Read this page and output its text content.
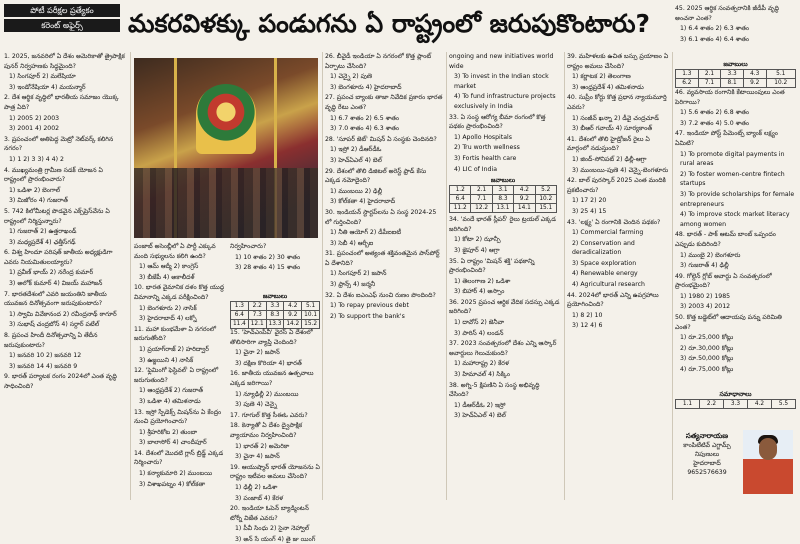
పోటీ పరీక్షల ప్రత్యేకం
కరెంట్ అఫైర్స్	మకరవిళక్కు పండుగను ఏ రాష్ట్రంలో జరుపుకొంటారు?

1. 2025, జనవరిలో ఏ దేశం అమెరికాతో త్రైపాక్షిక పునర్ నిర్వహణకు సిద్ధమైంది?

1) సింగపూర్ 2) మలేషియా

3) ఇండోనేషియా 4) మయన్మార్

2. దేశ ఆర్థిక వృద్ధిలో భారతీయ సమాజం యొక్క పాత్ర ఏది?

1) 2005 2) 2003

3) 2001 4) 2002

3. ప్రపంచంలో అతిపెద్ద మెట్రో నెట్‌వర్క్ కలిగిన నగరం?

1) 1 2) 3 3) 4 4) 2

4. ముఖ్యమంత్రి గ్రామీణ సడక్ యోజన ఏ రాష్ట్రంలో ప్రారంభించారు?

1) ఒడిశా 2) బెంగాల్

3) మిజోరం 4) గుజరాత్

5. 742 కిలోమీటర్ల పొడవైన ఎక్స్‌ప్రెస్‌వేను ఏ రాష్ట్రంలో నిర్మిస్తున్నారు?

1) గుజరాత్ 2) ఉత్తరాఖండ్

3) మధ్యప్రదేశ్ 4) ఛత్తీస్‌గఢ్

6. విశ్వ హిందూ పరిషత్ జాతీయ అధ్యక్షుడిగా ఎవరు నియమితులయ్యారు?

1) ప్రవీణ్ భాయ్ 2) నరేంద్ర కుమార్

3) అలోక్ కుమార్ 4) విజయ్ మహాజన్

7. భారతదేశంలో ఎవరి జయంతిని జాతీయ యువజన దినోత్సవంగా జరుపుకుంటారు?

1) స్వామి వివేకానంద 2) రవీంద్రనాథ్ ఠాగూర్

3) సుభాష్ చంద్రబోస్ 4) సర్దార్ పటేల్

8. ప్రపంచ హిందీ దినోత్సవాన్ని ఏ తేదీన జరుపుకుంటారు?

1) జనవరి 10 2) జనవరి 12

3) జనవరి 14 4) జనవరి 9

9. భారత్ పర్యాటక రంగం 2024లో ఎంత వృద్ధి సాధించింది?

పంజాబ్ అసెంబ్లీలో ఏ పార్టీ ఎక్కువ మంది సభ్యులను కలిగి ఉంది?

1) ఆమ్ ఆద్మీ 2) కాంగ్రెస్

3) బీజేపీ 4) అకాలీదళ్

10. భారత వైమానిక దళం కొత్త యుద్ధ విమానాన్ని ఎక్కడ పరీక్షించింది?

1) బెంగళూరు 2) నాసిక్

3) హైదరాబాద్ 4) లక్నో

11. మహా కుంభమేళా ఏ నగరంలో జరుగుతోంది?

1) ప్రయాగ్‌రాజ్ 2) హరిద్వార్

3) ఉజ్జయిని 4) నాసిక్

12. 'ఫ్లెమింగో ఫెస్టివల్' ఏ రాష్ట్రంలో జరుగుతుంది?

1) ఆంధ్రప్రదేశ్ 2) గుజరాత్

3) ఒడిశా 4) తమిళనాడు

13. ఇస్రో స్పేడెక్స్ మిషన్‌ను ఏ కేంద్రం నుంచి ప్రయోగించారు?

1) శ్రీహరికోట 2) తుంబా

3) బాలాసోర్ 4) చాందీపూర్

14. దేశంలో మొదటి గ్లాస్ బ్రిడ్జ్ ఎక్కడ నిర్మించారు?

1) కన్యాకుమారి 2) ముంబయి

3) విశాఖపట్నం 4) కోల్‌కతా

నిర్వహించారు?

1) 10 శాతం 2) 30 శాతం

3) 28 శాతం 4) 15 శాతం

జవాబులు
1.3	2.2	3.3	4.2	5.1
6.4	7.3	8.3	9.2	10.1
11.4	12.1	13.3	14.2	15.2

15. 'హెచ్ఎంపీవీ' వైరస్ ఏ దేశంలో తొలిసారిగా వ్యాప్తి చెందింది?

1) చైనా 2) జపాన్

3) దక్షిణ కొరియా 4) భారత్

16. జాతీయ యువజన ఉత్సవాలు ఎక్కడ జరిగాయి?

1) న్యూఢిల్లీ 2) ముంబయి

3) పుణె 4) చెన్నై

17. గూగుల్ కొత్త సీఈఓ ఎవరు?

18. కెన్యాతో ఏ దేశం ద్వైపాక్షిక వ్యాయామం నిర్వహించింది?

1) భారత్ 2) అమెరికా

3) చైనా 4) జపాన్

19. ఆయుష్మాన్ భారత్ యోజనను ఏ రాష్ట్రం ఇటీవల అమలు చేసింది?

1) ఢిల్లీ 2) ఒడిశా

3) పంజాబ్ 4) కేరళ

20. ఇండియా ఓపెన్ బ్యాడ్మింటన్ టోర్నీ విజేత ఎవరు?

1) పీవీ సింధు 2) సైనా నెహ్వాల్

3) అన్ సే యంగ్ 4) తై జు యింగ్

26. బీవైడీ ఇండియా ఏ నగరంలో కొత్త ప్లాంట్ ఏర్పాటు చేసింది?

1) చెన్నై 2) పుణె

3) బెంగళూరు 4) హైదరాబాద్

27. ప్రపంచ బ్యాంకు తాజా నివేదిక ప్రకారం భారత వృద్ధి రేటు ఎంత?

1) 6.7 శాతం 2) 6.5 శాతం

3) 7.0 శాతం 4) 6.3 శాతం

28. 'సూపర్ జెట్' మిషన్ ఏ సంస్థకు చెందినది?

1) ఇస్రో 2) డీఆర్‌డీఓ

3) హెచ్ఏఎల్ 4) బెల్

29. దేశంలో తొలి డిజిటల్ అరెస్ట్ ఫ్రాడ్ కేసు ఎక్కడ నమోదైంది?

1) ముంబయి 2) ఢిల్లీ

3) కోల్‌కతా 4) హైదరాబాద్

30. ఇండియన్ స్టార్టప్‌లను ఏ సంస్థ 2024-25 లో గుర్తించింది?

1) నీతి ఆయోగ్ 2) డీపీఐఐటీ

3) సెబీ 4) ఆర్బీఐ

31. ప్రపంచంలో అత్యంత శక్తివంతమైన పాస్‌పోర్ట్ ఏ దేశానిది?

1) సింగపూర్ 2) జపాన్

3) ఫ్రాన్స్ 4) జర్మనీ

32. ఏ దేశం ఐఎంఎఫ్ నుంచి రుణం పొందింది?

1) To repay previous debt

2) To support the bank's

ongoing and new initiatives world wide

3) To invest in the Indian stock market

4) To fund infrastructure projects exclusively in India

33. ఏ సంస్థ ఆరోగ్య బీమా రంగంలో కొత్త పథకం ప్రారంభించింది?

1) Apollo Hospitals

2) Tru worth wellness

3) Fortis health care

4) LIC of India

జవాబులు
1.2	2.1	3.1	4.2	5.2
6.4	7.1	8.3	9.2	10.2
11.2	12.2	13.1	14.1	15.1

34. 'వందే భారత్ స్లీపర్' రైలు ట్రయల్ ఎక్కడ జరిగింది?

1) కోటా 2) ఝాన్సీ

3) జైపూర్ 4) ఆగ్రా

35. ఏ రాష్ట్రం 'మిషన్ శక్తి' పథకాన్ని ప్రారంభించింది?

1) తెలంగాణ 2) ఒడిశా

3) బిహార్ 4) అస్సాం

36. 2025 ప్రపంచ ఆర్థిక వేదిక సదస్సు ఎక్కడ జరిగింది?

1) దావోస్ 2) జెనీవా

3) పారిస్ 4) లండన్

37. 2023 సంవత్సరంలో దేశం ఎన్ని ఆస్కార్ అవార్డులు గెలుచుకుంది?

1) మహారాష్ట్ర 2) కేరళ

3) హిమాచల్ 4) సిక్కిం

38. అగ్ని-5 క్షిపణిని ఏ సంస్థ అభివృద్ధి చేసింది?

1) డీఆర్‌డీఓ 2) ఇస్రో

3) హెచ్ఏఎల్ 4) బెల్

39. మహిళలకు ఉచిత బస్సు ప్రయాణం ఏ రాష్ట్రం అమలు చేసింది?

1) కర్ణాటక 2) తెలంగాణ

3) ఆంధ్రప్రదేశ్ 4) తమిళనాడు

40. సుప్రీం కోర్టు కొత్త ప్రధాన న్యాయమూర్తి ఎవరు?

1) సంజీవ్ ఖన్నా 2) డీవై చంద్రచూడ్

3) బీఆర్ గవాయ్ 4) సూర్యకాంత్

41. దేశంలో తొలి హైడ్రోజన్ రైలు ఏ మార్గంలో నడుస్తుంది?

1) జింద్-సోనిపట్ 2) ఢిల్లీ-ఆగ్రా

3) ముంబయి-పుణె 4) చెన్నై-బెంగళూరు

42. బాల్ పురస్కార్ 2025 ఎంత మందికి ప్రకటించారు?

1) 17 2) 20

3) 25 4) 15

43. 'లక్ష్య' ఏ రంగానికి చెందిన పథకం?

1) Commercial farming

2) Conservation and deradicalization

3) Space exploration

4) Renewable energy

4) Agricultural research

44. 2024లో భారత్ ఎన్ని ఉపగ్రహాలు ప్రయోగించింది?

1) 8 2) 10

3) 12 4) 6

45. 2025 ఆర్థిక సంవత్సరానికి జీడీపీ వృద్ధి అంచనా ఎంత?

1) 6.4 శాతం 2) 6.3 శాతం

3) 6.1 శాతం 4) 6.4 శాతం

జవాబులు
1.3	2.1	3.3	4.3	5.1
6.2	7.1	8.1	9.2	10.2

46. వ్యవసాయ రంగానికి కేటాయింపులు ఎంత పెరిగాయి?

1) 5.6 శాతం 2) 6.8 శాతం

3) 7.2 శాతం 4) 5.0 శాతం

47. ఇండియా పోస్ట్ పేమెంట్స్ బ్యాంక్ లక్ష్యం ఏమిటి?

1) To promote digital payments in rural areas

2) To foster women-centre fintech startups

3) To provide scholarships for female entrepreneurs

4) To improve stock market literacy among women

48. భారత్ - పాక్ ఆటమ్ బాంబ్ ఒప్పందం ఎప్పుడు కుదిరింది?

1) ముంబై 2) బెంగళూరు

3) గుజరాత్ 4) ఢిల్లీ

49. గోల్డెన్ గ్లోబ్ అవార్డు ఏ సంవత్సరంలో ప్రారంభమైంది?

1) 1980 2) 1985

3) 2003 4) 2012

50. కొత్త బడ్జెట్‌లో ఆదాయపు పన్ను పరిమితి ఎంత?

1) రూ.25,000 కోట్లు

2) రూ.30,000 కోట్లు

3) రూ.50,000 కోట్లు

4) రూ.75,000 కోట్లు

సమాధానాలు
1.1	2.2	3.3	4.2	5.5
సత్యనారాయణ
కాంపిటేటివ్ ఎగ్జామ్స్ నిపుణులు
హైదరాబాద్
9652576639
